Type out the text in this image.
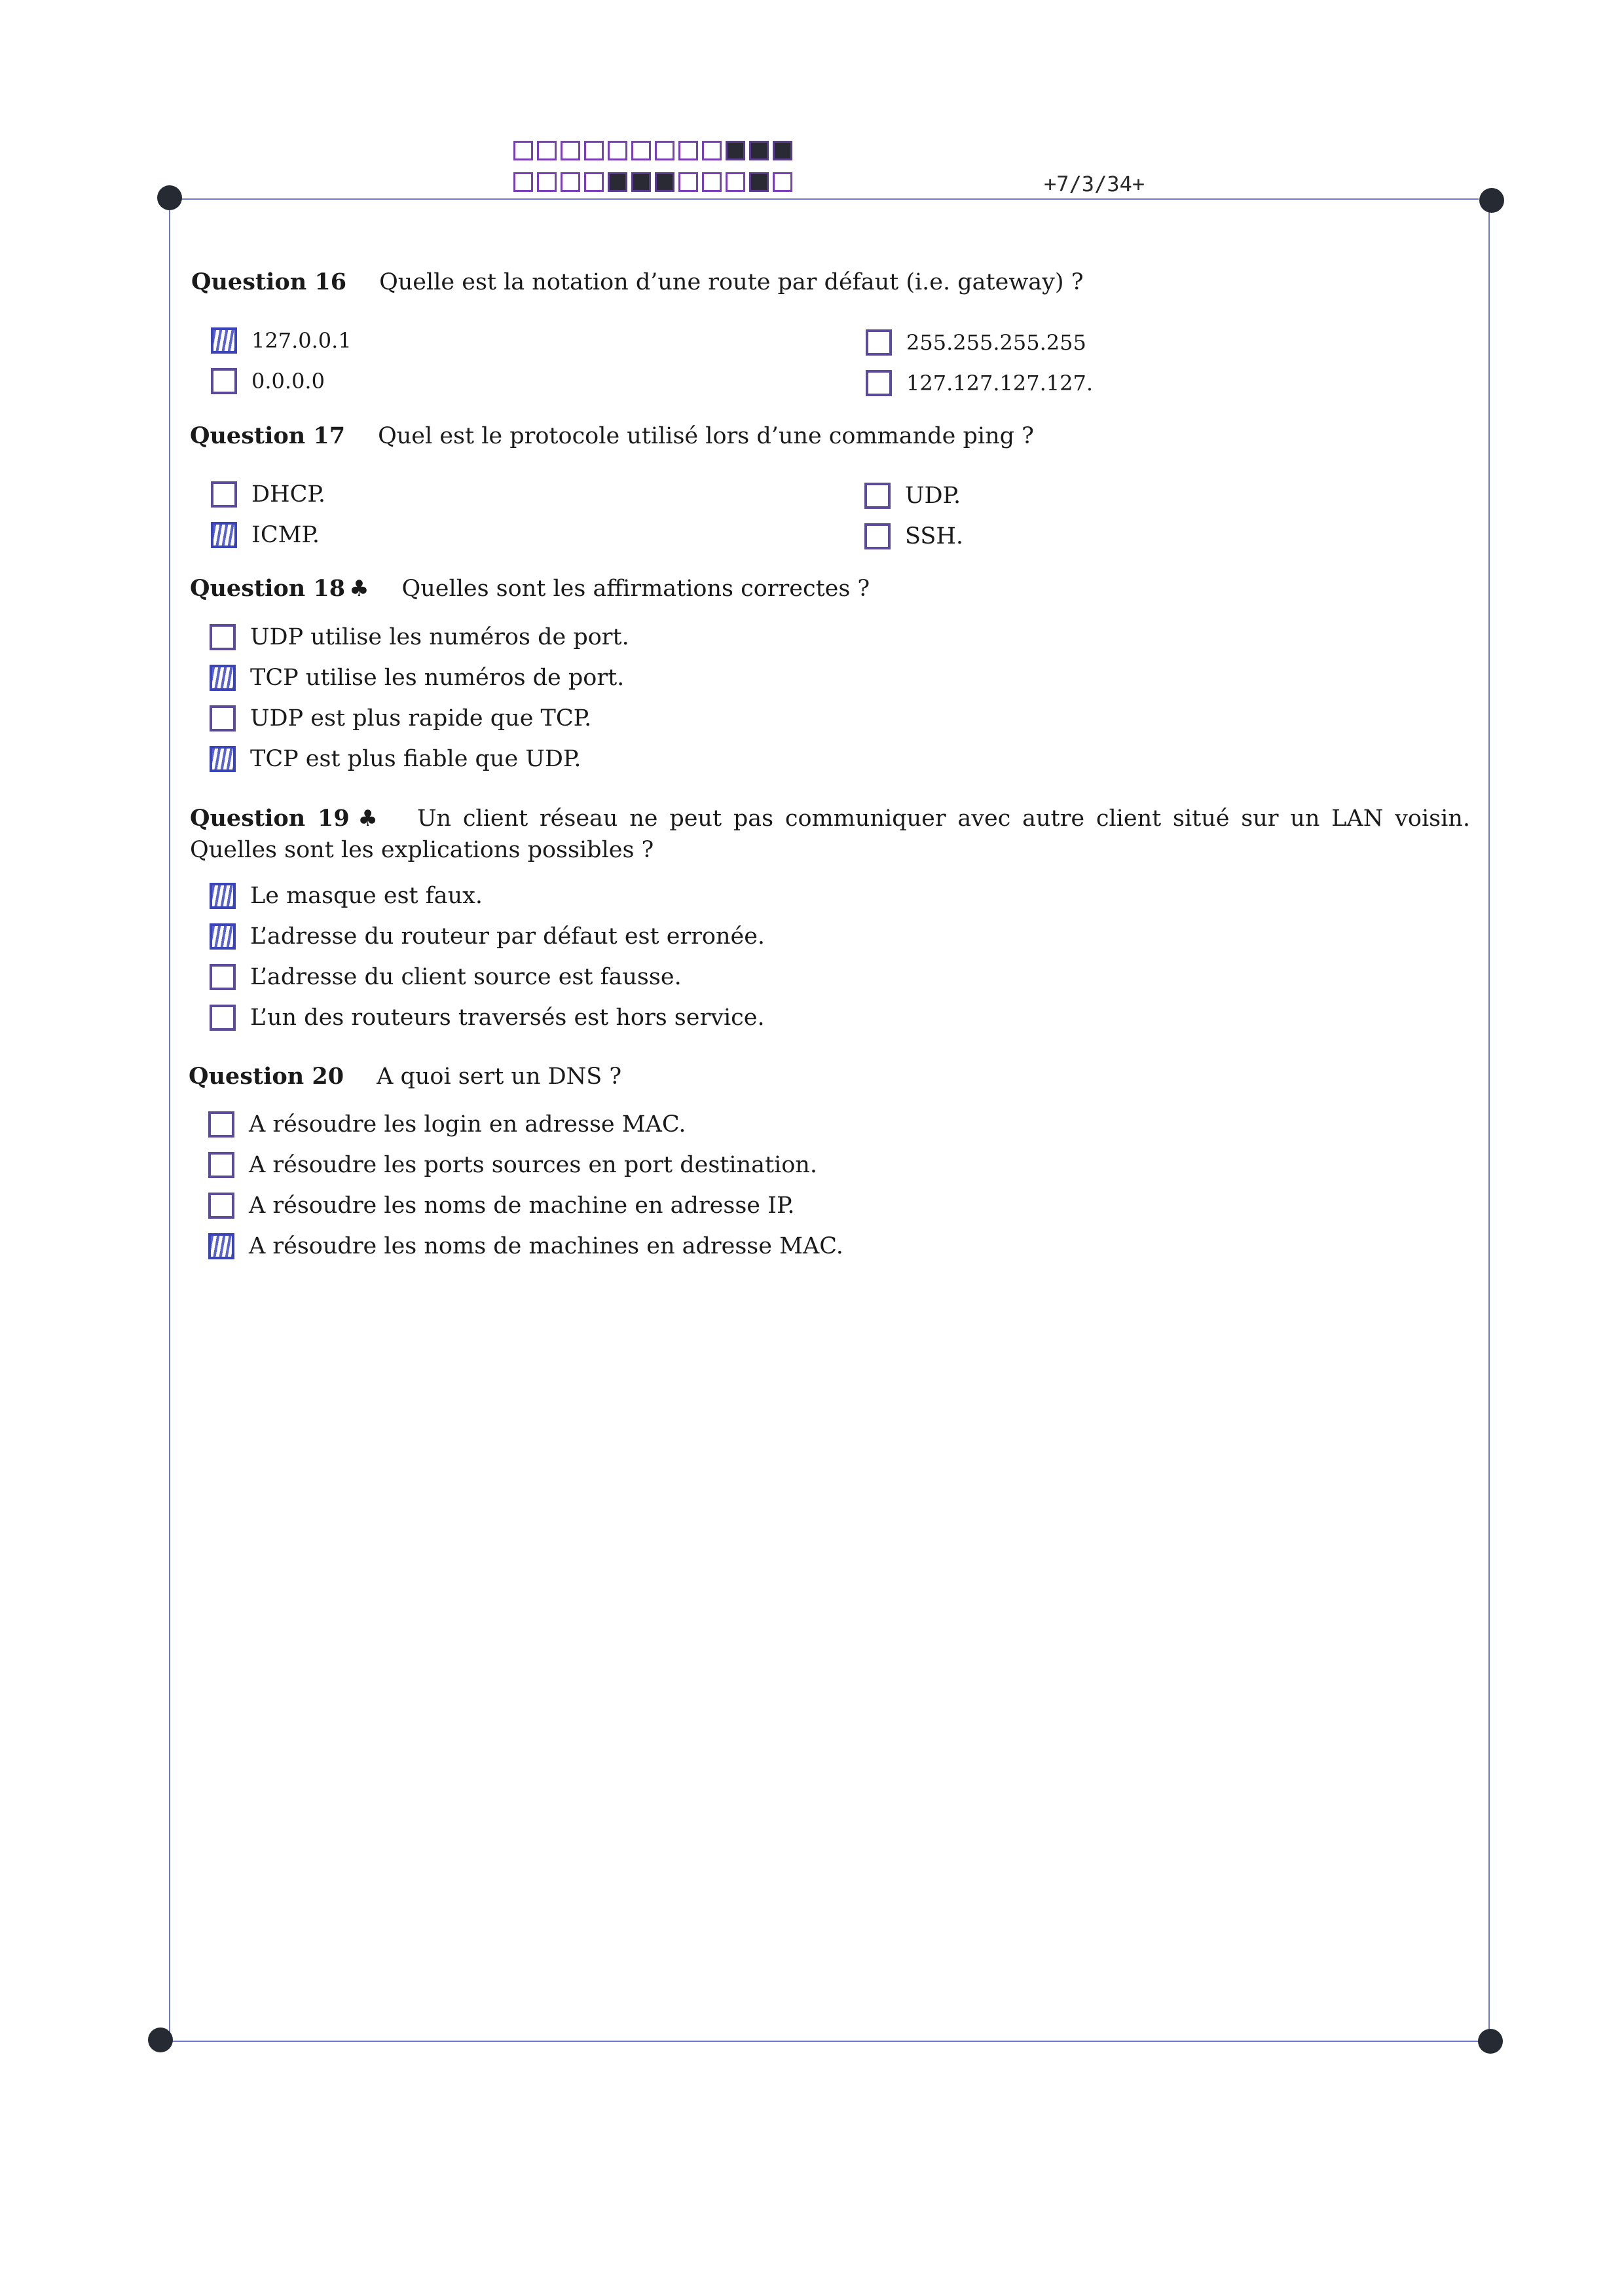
+7/3/34+
Question 16 Quelle est la notation d’une route par défaut (i.e. gateway) ?
127.0.0.1
0.0.0.0
255.255.255.255
127.127.127.127.
Question 17 Quel est le protocole utilisé lors d’une commande ping ?
DHCP.
ICMP.
UDP.
SSH.
Question 18 ♣ Quelles sont les affirmations correctes ?
UDP utilise les numéros de port.
TCP utilise les numéros de port.
UDP est plus rapide que TCP.
TCP est plus fiable que UDP.
Question 19 ♣ Un client réseau ne peut pas communiquer avec autre client situé sur un LAN voisin. Quelles sont les explications possibles ?
Le masque est faux.
L’adresse du routeur par défaut est erronée.
L’adresse du client source est fausse.
L’un des routeurs traversés est hors service.
Question 20 A quoi sert un DNS ?
A résoudre les login en adresse MAC.
A résoudre les ports sources en port destination.
A résoudre les noms de machine en adresse IP.
A résoudre les noms de machines en adresse MAC.
